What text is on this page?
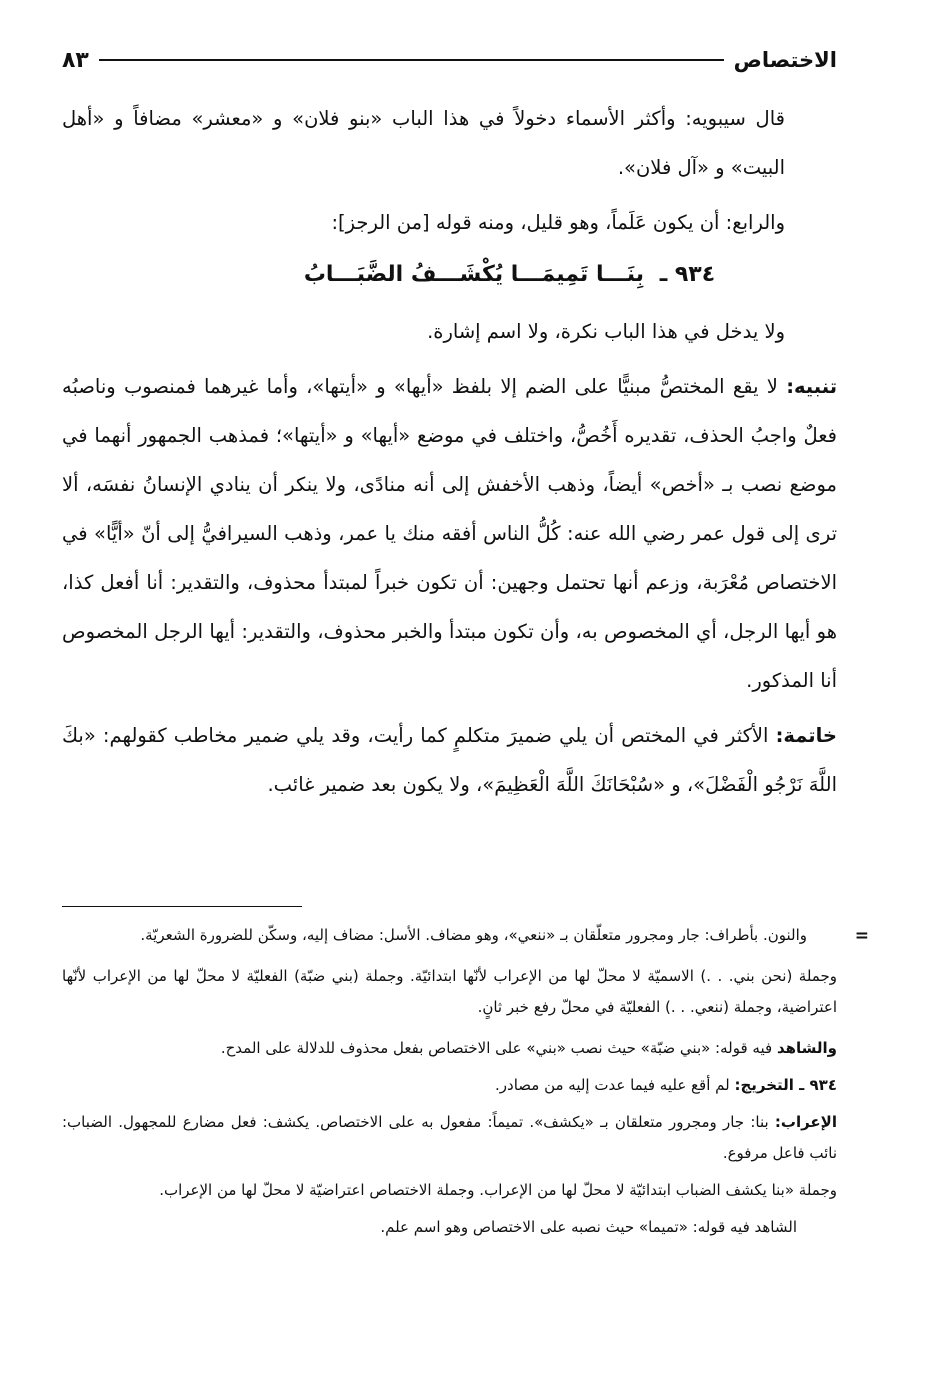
الاختصاص
٨٣

قال سيبويه: وأكثر الأسماء دخولاً في هذا الباب «بنو فلان» و «معشر» مضافاً و «أهل البيت» و «آل فلان».

والرابع: أن يكون عَلَماً، وهو قليل، ومنه قوله [من الرجز]:

٩٣٤ ـ بِنَـــا تَمِيمَـــا يُكْشَـــفُ الضَّبَـــابُ

ولا يدخل في هذا الباب نكرة، ولا اسم إشارة.

تنبيه: لا يقع المختصُّ مبنيًّا على الضم إلا بلفظ «أيها» و «أيتها»، وأما غيرهما فمنصوب وناصبُه فعلٌ واجبُ الحذف، تقديره أَخُصُّ، واختلف في موضع «أيها» و «أيتها»؛ فمذهب الجمهور أنهما في موضع نصب بـ «أخص» أيضاً، وذهب الأخفش إلى أنه منادًى، ولا ينكر أن ينادي الإنسانُ نفسَه، ألا ترى إلى قول عمر رضي الله عنه: كُلُّ الناس أفقه منك يا عمر، وذهب السيرافيُّ إلى أنّ «أيًّا» في الاختصاص مُعْرَبة، وزعم أنها تحتمل وجهين: أن تكون خبراً لمبتدأ محذوف، والتقدير: أنا أفعل كذا، هو أيها الرجل، أي المخصوص به، وأن تكون مبتدأ والخبر محذوف، والتقدير: أيها الرجل المخصوص أنا المذكور.

خاتمة: الأكثر في المختص أن يلي ضميرَ متكلمٍ كما رأيت، وقد يلي ضمير مخاطب كقولهم: «بكَ اللَّهَ نَرْجُو الْفَضْلَ»، و «سُبْحَانَكَ اللَّهَ الْعَظِيمَ»، ولا يكون بعد ضمير غائب.

=

والنون. بأطراف: جار ومجرور متعلّقان بـ «ننعي»، وهو مضاف. الأسل: مضاف إليه، وسكّن للضرورة الشعريّة.

وجملة (نحن بني. . .) الاسميّة لا محلّ لها من الإعراب لأنّها ابتدائيّة. وجملة (بني ضبّة) الفعليّة لا محلّ لها من الإعراب لأنّها اعتراضية، وجملة (ننعي. . .) الفعليّة في محلّ رفع خبر ثانٍ.

والشاهد فيه قوله: «بني ضبّة» حيث نصب «بني» على الاختصاص بفعل محذوف للدلالة على المدح.

٩٣٤ ـ التخريج: لم أقع عليه فيما عدت إليه من مصادر.

الإعراب: بنا: جار ومجرور متعلقان بـ «يكشف». تميماً: مفعول به على الاختصاص. يكشف: فعل مضارع للمجهول. الضباب: نائب فاعل مرفوع.

وجملة «بنا يكشف الضباب ابتدائيّة لا محلّ لها من الإعراب. وجملة الاختصاص اعتراضيّة لا محلّ لها من الإعراب.

الشاهد فيه قوله: «تميما» حيث نصبه على الاختصاص وهو اسم علم.
